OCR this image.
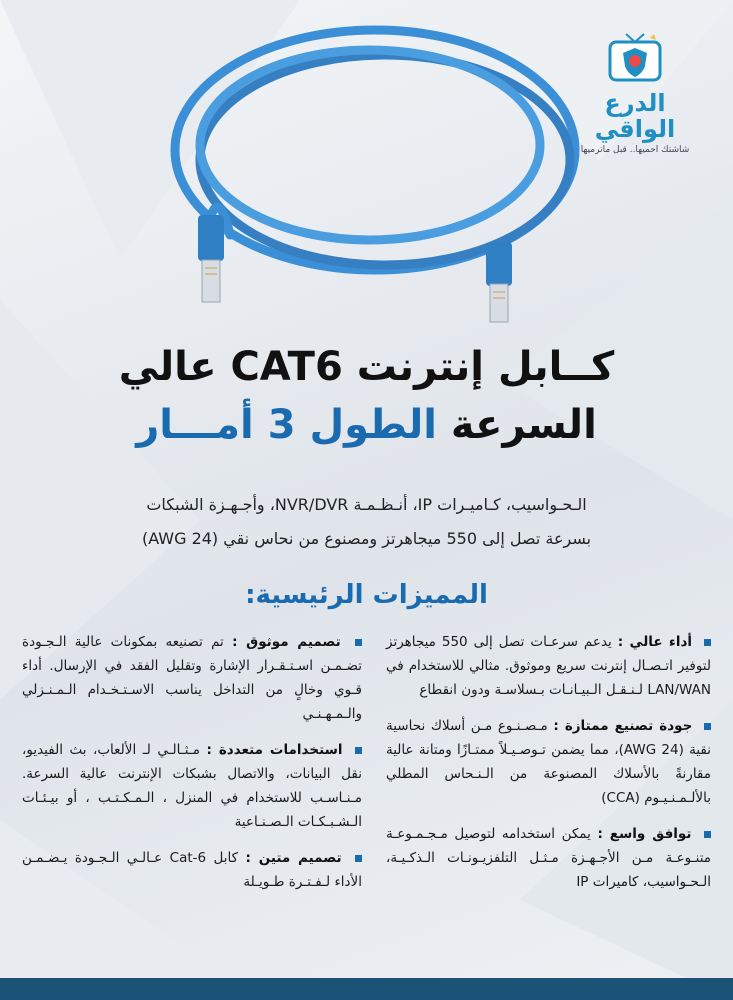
الدرع الواقي
شاشتك احميها.. قبل ماترميها
كــابل إنترنت CAT6 عالي
السرعة الطول 3 أمـــار
الـحـواسيب، كـاميـرات IP، أنـظـمـة NVR/DVR، وأجـهـزة الشبكات
بسرعة تصل إلى 550 ميجاهرتز ومصنوع من نحاس نقي (AWG 24)
المميزات الرئيسية:
أداء عالي : يدعم سرعـات تصل إلى 550 ميجاهرتز لتوفير اتـصـال إنترنت سريع وموثوق. مثالي للاستخدام في LAN/WAN لـنـقـل الـبيـانـات بـسلاسـة ودون انقطاع
جودة تصنيع ممتازة : مـصـنـوع مـن أسلاك نحاسية نقية (AWG 24)، مما يضمن تـوصـيـلاً ممتـازًا ومتانة عالية مقارنةً بالأسلاك المصنوعة من الـنـحاس المطلي بالألـمـنـيـوم (CCA)
توافق واسع : يمكن استخدامه لتوصيل مـجـمـوعـة متنـوعـة مـن الأجـهـزة مـثـل التلفزيـونـات الـذكـيـة، الـحـواسيب، كاميرات IP
تصميم موثوق : تم تصنيعه بمكونات عالية الـجـودة تضـمـن اسـتـقـرار الإشارة وتقليل الفقد في الإرسال. أداء قـوي وخالٍ من التداخل يناسب الاسـتـخـدام الـمـنـزلي والـمـهـنـي
استخدامات متعددة : مـثـالـي لـ الألعاب، بث الفيديو، نقل البيانات، والاتصال بشبكات الإنترنت عالية السرعة. مـنـاسـب للاستخدام في المنزل ، الـمـكـتـب ، أو بيـئـات الـشـبـكـات الـصـنـاعية
تصميم متين : كابل Cat-6 عـالـي الـجـودة يـضـمـن الأداء لـفـتـرة طـويـلة
